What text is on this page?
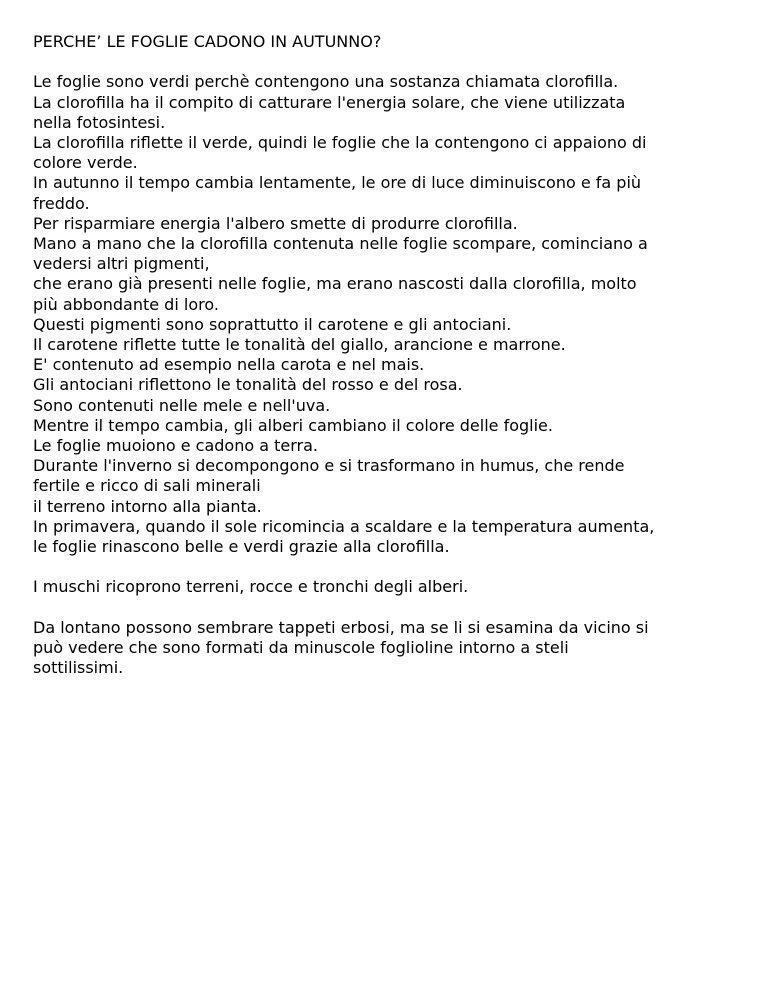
PERCHE’ LE FOGLIE CADONO IN AUTUNNO?
Le foglie sono verdi perchè contengono una sostanza chiamata clorofilla.
La clorofilla ha il compito di catturare l'energia solare, che viene utilizzata
nella fotosintesi.
La clorofilla riflette il verde, quindi le foglie che la contengono ci appaiono di
colore verde.
In autunno il tempo cambia lentamente, le ore di luce diminuiscono e fa più
freddo.
Per risparmiare energia l'albero smette di produrre clorofilla.
Mano a mano che la clorofilla contenuta nelle foglie scompare, cominciano a
vedersi altri pigmenti,
che erano già presenti nelle foglie, ma erano nascosti dalla clorofilla, molto
più abbondante di loro.
Questi pigmenti sono soprattutto il carotene e gli antociani.
Il carotene riflette tutte le tonalità del giallo, arancione e marrone.
E' contenuto ad esempio nella carota e nel mais.
Gli antociani riflettono le tonalità del rosso e del rosa.
Sono contenuti nelle mele e nell'uva.
Mentre il tempo cambia, gli alberi cambiano il colore delle foglie.
Le foglie muoiono e cadono a terra.
Durante l'inverno si decompongono e si trasformano in humus, che rende
fertile e ricco di sali minerali
il terreno intorno alla pianta.
In primavera, quando il sole ricomincia a scaldare e la temperatura aumenta,
le foglie rinascono belle e verdi grazie alla clorofilla.
I muschi ricoprono terreni, rocce e tronchi degli alberi.
Da lontano possono sembrare tappeti erbosi, ma se li si esamina da vicino si
può vedere che sono formati da minuscole foglioline intorno a steli
sottilissimi.
